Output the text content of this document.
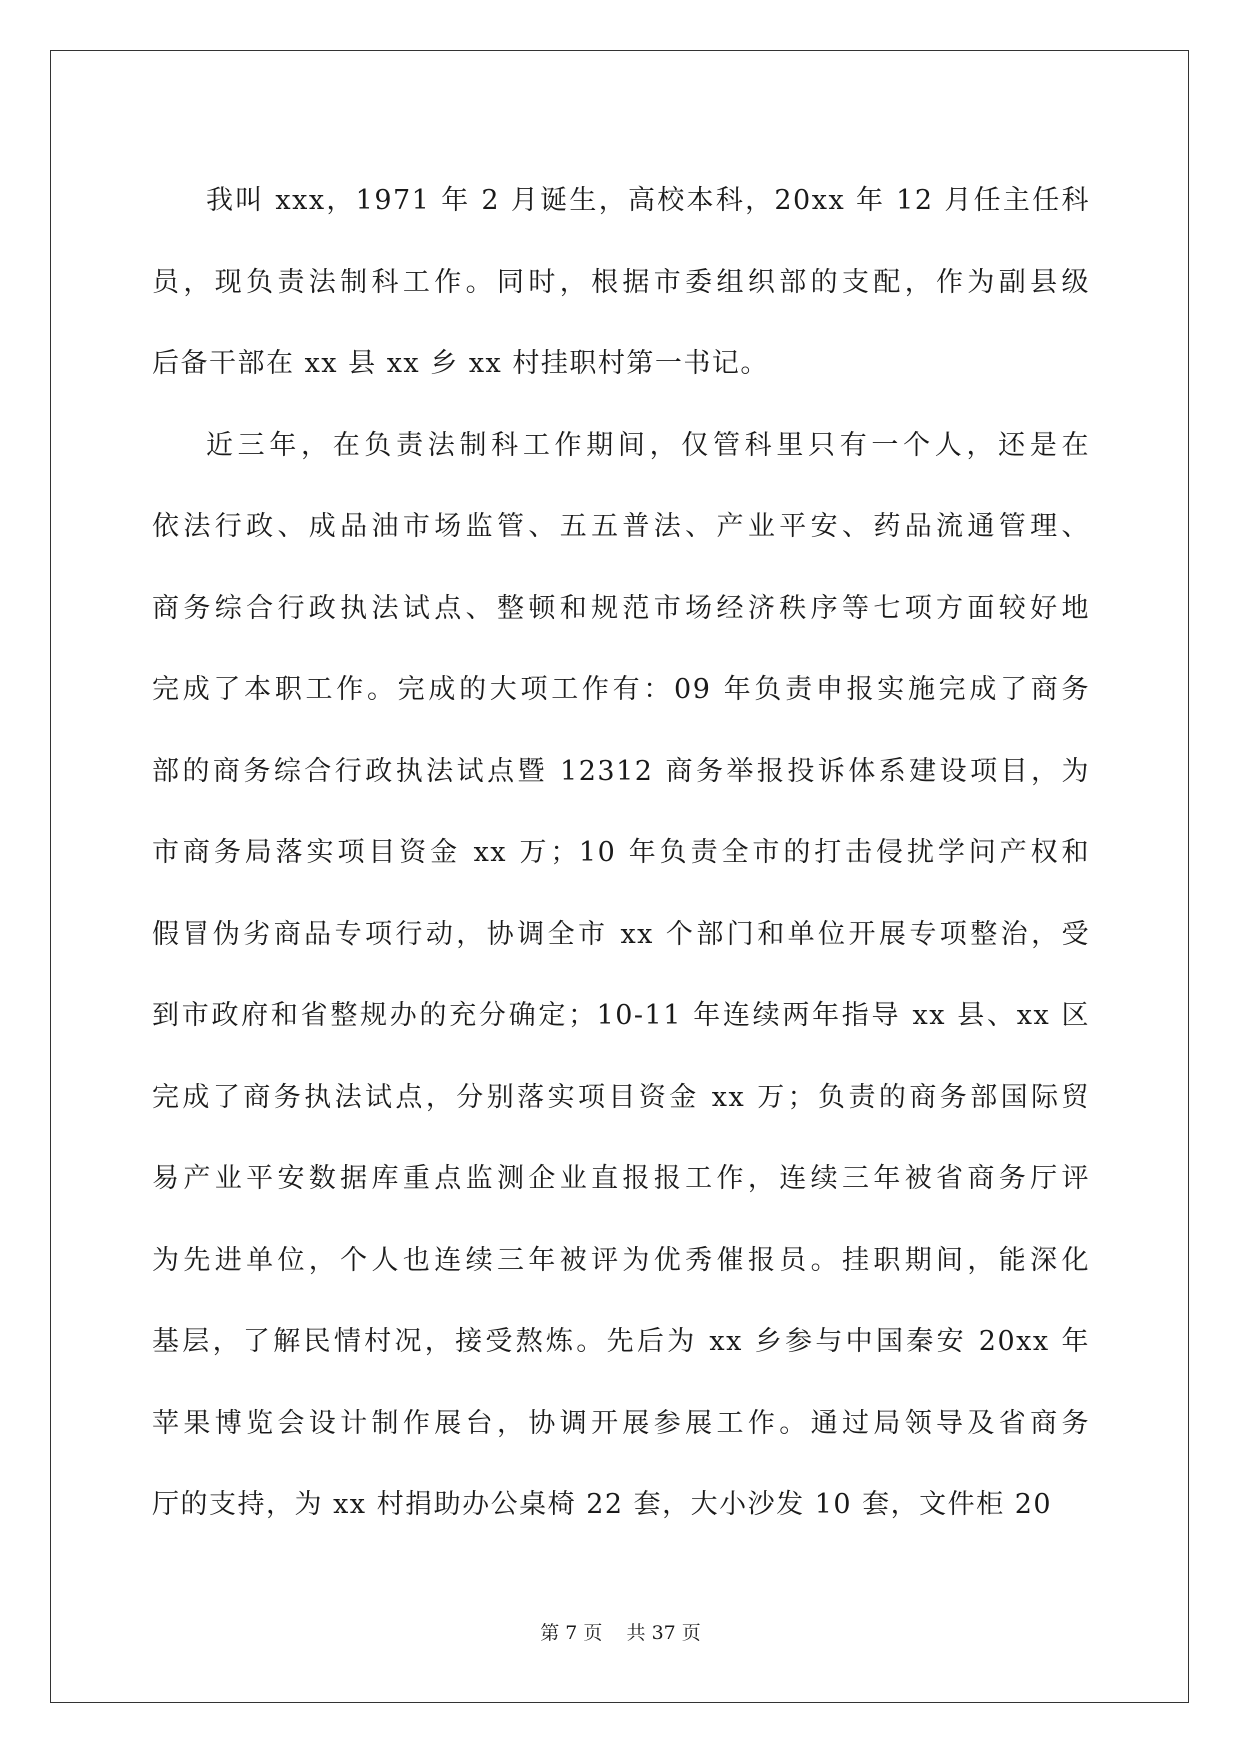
我叫 xxx，1971 年 2 月诞生，高校本科，20xx 年 12 月任主任科
员，现负责法制科工作。同时，根据市委组织部的支配，作为副县级
后备干部在 xx 县 xx 乡 xx 村挂职村第一书记。

近三年，在负责法制科工作期间，仅管科里只有一个人，还是在
依法行政、成品油市场监管、五五普法、产业平安、药品流通管理、
商务综合行政执法试点、整顿和规范市场经济秩序等七项方面较好地
完成了本职工作。完成的大项工作有：09 年负责申报实施完成了商务
部的商务综合行政执法试点暨 12312 商务举报投诉体系建设项目，为
市商务局落实项目资金 xx 万；10 年负责全市的打击侵扰学问产权和
假冒伪劣商品专项行动，协调全市 xx 个部门和单位开展专项整治，受
到市政府和省整规办的充分确定；10-11 年连续两年指导 xx 县、xx 区
完成了商务执法试点，分别落实项目资金 xx 万；负责的商务部国际贸
易产业平安数据库重点监测企业直报报工作，连续三年被省商务厅评
为先进单位，个人也连续三年被评为优秀催报员。挂职期间，能深化
基层，了解民情村况，接受熬炼。先后为 xx 乡参与中国秦安 20xx 年
苹果博览会设计制作展台，协调开展参展工作。通过局领导及省商务
厅的支持，为 xx 村捐助办公桌椅 22 套，大小沙发 10 套，文件柜 20

第 7 页 共 37 页
